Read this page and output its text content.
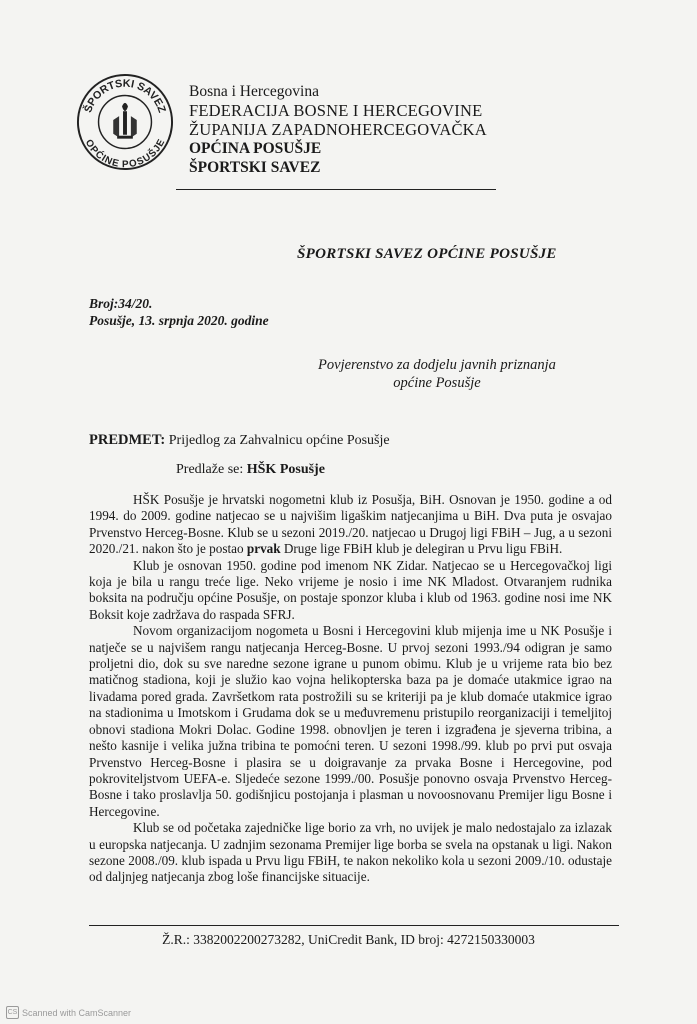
ŠPORTSKI SAVEZ
OPĆINE POSUŠJE
Bosna i Hercegovina
FEDERACIJA BOSNE I HERCEGOVINE
ŽUPANIJA ZAPADNOHERCEGOVAČKA
OPĆINA POSUŠJE
ŠPORTSKI SAVEZ
ŠPORTSKI SAVEZ OPĆINE POSUŠJE
Broj:34/20.
Posušje, 13. srpnja 2020. godine
Povjerenstvo za dodjelu javnih priznanja
općine Posušje
PREDMET: Prijedlog za Zahvalnicu općine Posušje
Predlaže se: HŠK Posušje

HŠK Posušje je hrvatski nogometni klub iz Posušja, BiH. Osnovan je 1950. godine a od 1994. do 2009. godine natjecao se u najvišim ligaškim natjecanjima u BiH. Dva puta je osvajao Prvenstvo Herceg-Bosne. Klub se u sezoni 2019./20. natjecao u Drugoj ligi FBiH – Jug, a u sezoni 2020./21. nakon što je postao prvak Druge lige FBiH klub je delegiran u Prvu ligu FBiH.

Klub je osnovan 1950. godine pod imenom NK Zidar. Natjecao se u Hercegovačkoj ligi koja je bila u rangu treće lige. Neko vrijeme je nosio i ime NK Mladost. Otvaranjem rudnika boksita na području općine Posušje, on postaje sponzor kluba i klub od 1963. godine nosi ime NK Boksit koje zadržava do raspada SFRJ.

Novom organizacijom nogometa u Bosni i Hercegovini klub mijenja ime u NK Posušje i natječe se u najvišem rangu natjecanja Herceg-Bosne. U prvoj sezoni 1993./94 odigran je samo proljetni dio, dok su sve naredne sezone igrane u punom obimu. Klub je u vrijeme rata bio bez matičnog stadiona, koji je služio kao vojna helikopterska baza pa je domaće utakmice igrao na livadama pored grada. Završetkom rata postrožili su se kriteriji pa je klub domaće utakmice igrao na stadionima u Imotskom i Grudama dok se u međuvremenu pristupilo reorganizaciji i temeljitoj obnovi stadiona Mokri Dolac. Godine 1998. obnovljen je teren i izgrađena je sjeverna tribina, a nešto kasnije i velika južna tribina te pomoćni teren. U sezoni 1998./99. klub po prvi put osvaja Prvenstvo Herceg-Bosne i plasira se u doigravanje za prvaka Bosne i Hercegovine, pod pokroviteljstvom UEFA-e. Sljedeće sezone 1999./00. Posušje ponovno osvaja Prvenstvo Herceg-Bosne i tako proslavlja 50. godišnjicu postojanja i plasman u novoosnovanu Premijer ligu Bosne i Hercegovine.

Klub se od početaka zajedničke lige borio za vrh, no uvijek je malo nedostajalo za izlazak u europska natjecanja. U zadnjim sezonama Premijer lige borba se svela na opstanak u ligi. Nakon sezone 2008./09. klub ispada u Prvu ligu FBiH, te nakon nekoliko kola u sezoni 2009./10. odustaje od daljnjeg natjecanja zbog loše financijske situacije.

Ž.R.: 3382002200273282, UniCredit Bank, ID broj: 4272150330003
CS Scanned with CamScanner
